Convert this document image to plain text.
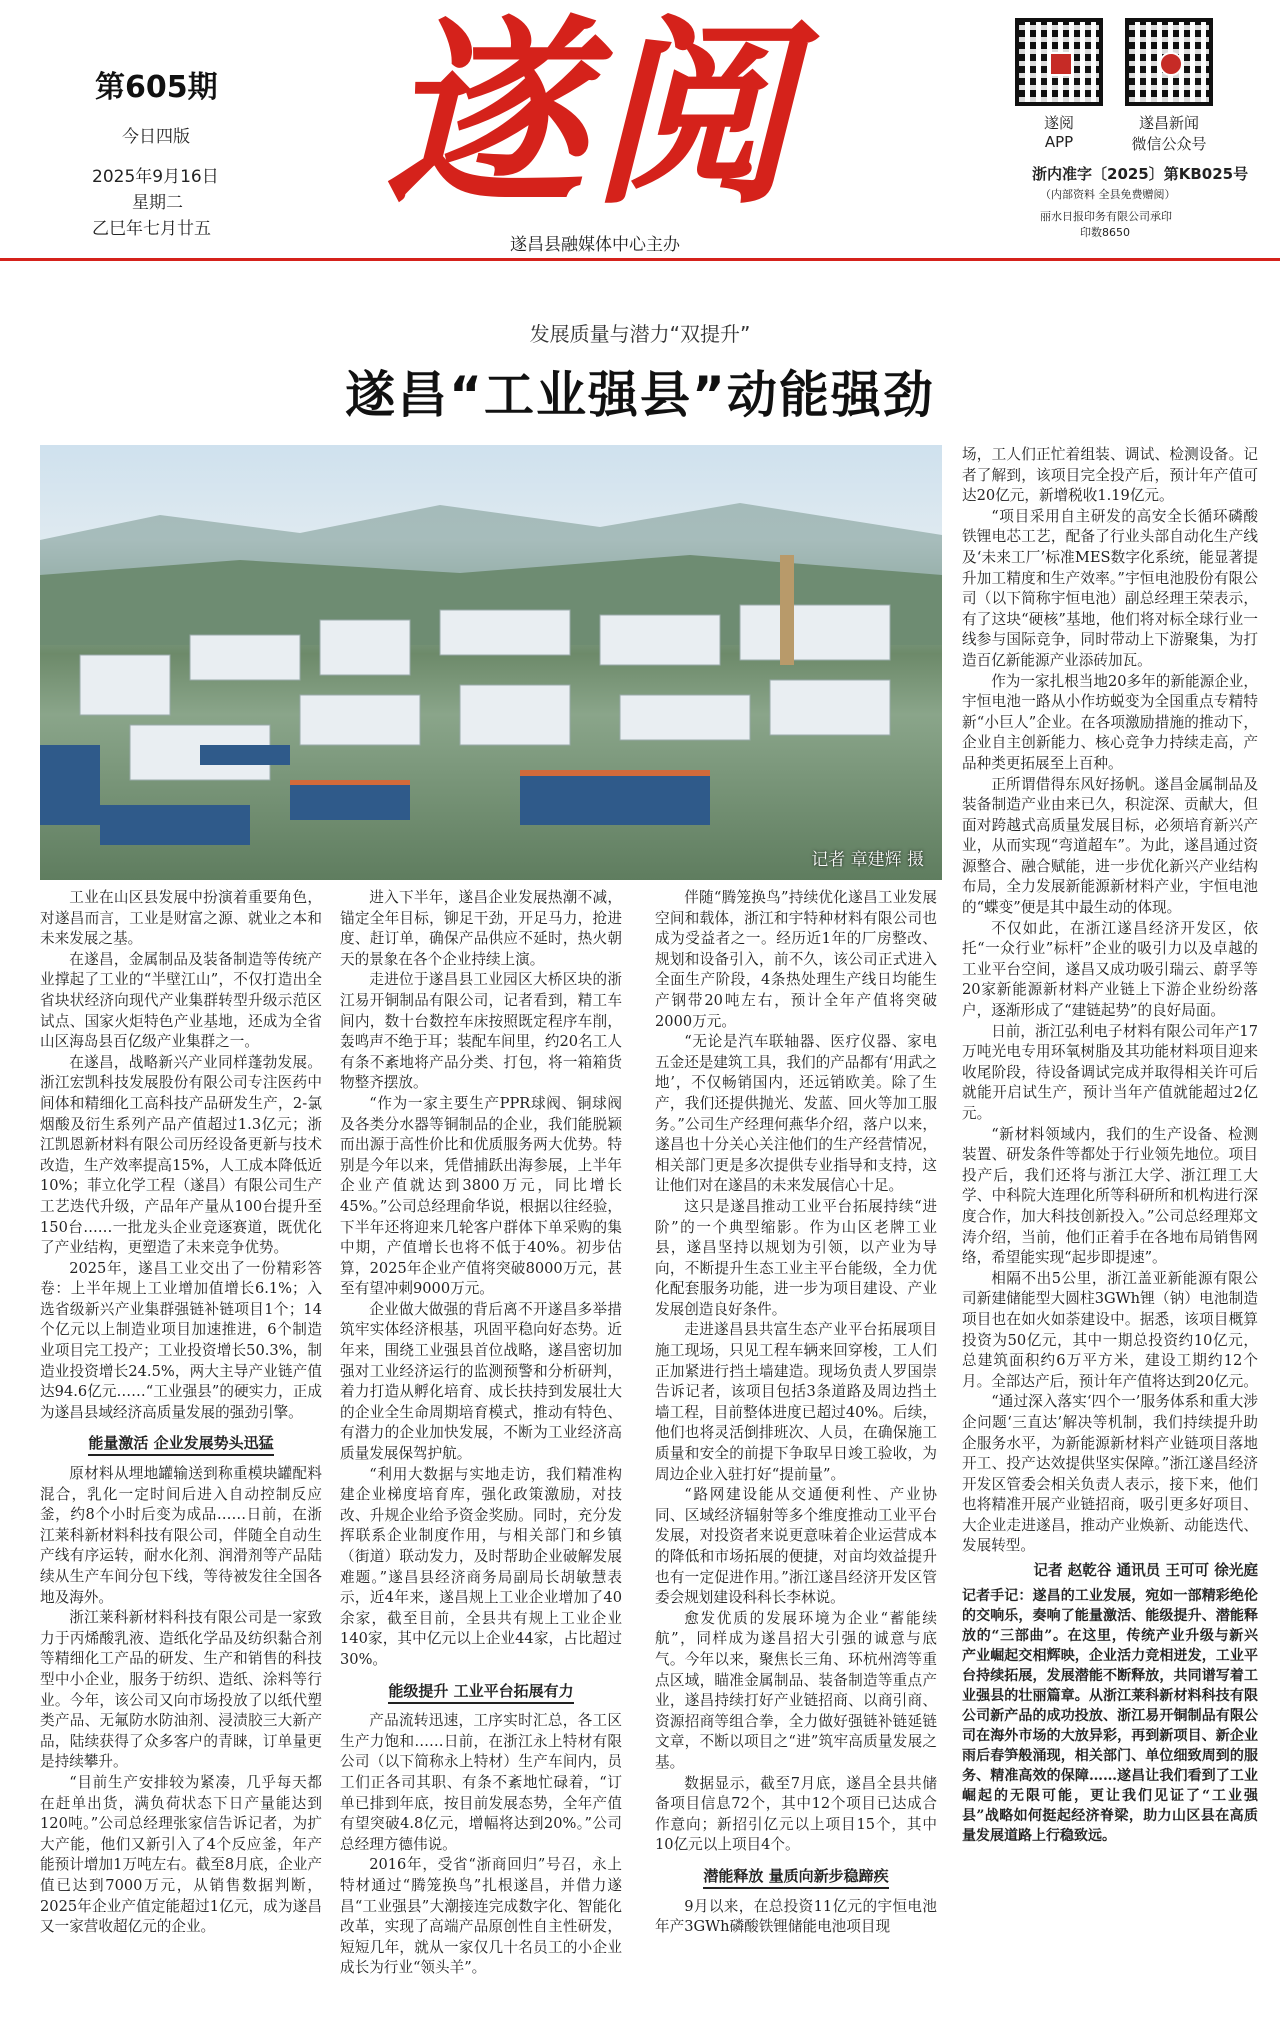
第605期
今日四版
2025年9月16日
星期二
乙巳年七月廿五 遂阅
遂昌县融媒体中心主办
遂阅
APP
遂昌新闻
微信公众号
浙内准字〔2025〕第KB025号
（内部资料 全县免费赠阅）
丽水日报印务有限公司承印
印数8650
发展质量与潜力“双提升”
遂昌“工业强县”动能强劲
记者 章建辉 摄

工业在山区县发展中扮演着重要角色，对遂昌而言，工业是财富之源、就业之本和未来发展之基。

在遂昌，金属制品及装备制造等传统产业撑起了工业的“半壁江山”，不仅打造出全省块状经济向现代产业集群转型升级示范区试点、国家火炬特色产业基地，还成为全省山区海岛县百亿级产业集群之一。

在遂昌，战略新兴产业同样蓬勃发展。浙江宏凯科技发展股份有限公司专注医药中间体和精细化工高科技产品研发生产，2-氯烟酸及衍生系列产品产值超过1.3亿元；浙江凯恩新材料有限公司历经设备更新与技术改造，生产效率提高15%，人工成本降低近10%；菲立化学工程（遂昌）有限公司生产工艺迭代升级，产品年产量从100台提升至150台……一批龙头企业竞逐赛道，既优化了产业结构，更塑造了未来竞争优势。

2025年，遂昌工业交出了一份精彩答卷：上半年规上工业增加值增长6.1%；入选省级新兴产业集群强链补链项目1个；14个亿元以上制造业项目加速推进，6个制造业项目完工投产；工业投资增长50.3%，制造业投资增长24.5%，两大主导产业链产值达94.6亿元……“工业强县”的硬实力，正成为遂昌县域经济高质量发展的强劲引擎。

能量激活 企业发展势头迅猛

原材料从埋地罐输送到称重模块罐配料混合，乳化一定时间后进入自动控制反应釜，约8个小时后变为成品……日前，在浙江莱科新材料科技有限公司，伴随全自动生产线有序运转，耐水化剂、润滑剂等产品陆续从生产车间分包下线，等待被发往全国各地及海外。

浙江莱科新材料科技有限公司是一家致力于丙烯酸乳液、造纸化学品及纺织黏合剂等精细化工产品的研发、生产和销售的科技型中小企业，服务于纺织、造纸、涂料等行业。今年，该公司又向市场投放了以纸代塑类产品、无氟防水防油剂、浸渍胶三大新产品，陆续获得了众多客户的青睐，订单量更是持续攀升。

“目前生产安排较为紧凑，几乎每天都在赶单出货，满负荷状态下日产量能达到120吨。”公司总经理张家信告诉记者，为扩大产能，他们又新引入了4个反应釜，年产能预计增加1万吨左右。截至8月底，企业产值已达到7000万元，从销售数据判断，2025年企业产值定能超过1亿元，成为遂昌又一家营收超亿元的企业。

进入下半年，遂昌企业发展热潮不减，锚定全年目标，铆足干劲，开足马力，抢进度、赶订单，确保产品供应不延时，热火朝天的景象在各个企业持续上演。

走进位于遂昌县工业园区大桥区块的浙江易开铜制品有限公司，记者看到，精工车间内，数十台数控车床按照既定程序车削，轰鸣声不绝于耳；装配车间里，约20名工人有条不紊地将产品分类、打包，将一箱箱货物整齐摆放。

“作为一家主要生产PPR球阀、铜球阀及各类分水器等铜制品的企业，我们能脱颖而出源于高性价比和优质服务两大优势。特别是今年以来，凭借捕跃出海参展，上半年企业产值就达到3800万元，同比增长45%。”公司总经理俞华说，根据以往经验，下半年还将迎来几轮客户群体下单采购的集中期，产值增长也将不低于40%。初步估算，2025年企业产值将突破8000万元，甚至有望冲刺9000万元。

企业做大做强的背后离不开遂昌多举措筑牢实体经济根基，巩固平稳向好态势。近年来，围绕工业强县首位战略，遂昌密切加强对工业经济运行的监测预警和分析研判，着力打造从孵化培育、成长扶持到发展壮大的企业全生命周期培育模式，推动有特色、有潜力的企业加快发展，不断为工业经济高质量发展保驾护航。

“利用大数据与实地走访，我们精准构建企业梯度培育库，强化政策激励，对技改、升规企业给予资金奖励。同时，充分发挥联系企业制度作用，与相关部门和乡镇（街道）联动发力，及时帮助企业破解发展难题。”遂昌县经济商务局副局长胡敏慧表示，近4年来，遂昌规上工业企业增加了40余家，截至目前，全县共有规上工业企业140家，其中亿元以上企业44家，占比超过30%。

能级提升 工业平台拓展有力

产品流转迅速，工序实时汇总，各工区生产力饱和……日前，在浙江永上特材有限公司（以下简称永上特材）生产车间内，员工们正各司其职、有条不紊地忙碌着，“订单已排到年底，按目前发展态势，全年产值有望突破4.8亿元，增幅将达到20%。”公司总经理方德伟说。

2016年，受省“浙商回归”号召，永上特材通过“腾笼换鸟”扎根遂昌，并借力遂昌“工业强县”大潮接连完成数字化、智能化改革，实现了高端产品原创性自主性研发，短短几年，就从一家仅几十名员工的小企业成长为行业“领头羊”。

伴随“腾笼换鸟”持续优化遂昌工业发展空间和载体，浙江和宇特种材料有限公司也成为受益者之一。经历近1年的厂房整改、规划和设备引入，前不久，该公司正式进入全面生产阶段，4条热处理生产线日均能生产钢带20吨左右，预计全年产值将突破2000万元。

“无论是汽车联轴器、医疗仪器、家电五金还是建筑工具，我们的产品都有‘用武之地’，不仅畅销国内，还远销欧美。除了生产，我们还提供抛光、发蓝、回火等加工服务。”公司生产经理何燕华介绍，落户以来，遂昌也十分关心关注他们的生产经营情况，相关部门更是多次提供专业指导和支持，这让他们对在遂昌的未来发展信心十足。

这只是遂昌推动工业平台拓展持续“进阶”的一个典型缩影。作为山区老牌工业县，遂昌坚持以规划为引领，以产业为导向，不断提升生态工业主平台能级，全力优化配套服务功能，进一步为项目建设、产业发展创造良好条件。

走进遂昌县共富生态产业平台拓展项目施工现场，只见工程车辆来回穿梭，工人们正加紧进行挡土墙建造。现场负责人罗国崇告诉记者，该项目包括3条道路及周边挡土墙工程，目前整体进度已超过40%。后续，他们也将灵活倒排班次、人员，在确保施工质量和安全的前提下争取早日竣工验收，为周边企业入驻打好“提前量”。

“路网建设能从交通便利性、产业协同、区域经济辐射等多个维度推动工业平台发展，对投资者来说更意味着企业运营成本的降低和市场拓展的便捷，对亩均效益提升也有一定促进作用。”浙江遂昌经济开发区管委会规划建设科科长李林说。

愈发优质的发展环境为企业“蓄能续航”，同样成为遂昌招大引强的诚意与底气。今年以来，聚焦长三角、环杭州湾等重点区域，瞄准金属制品、装备制造等重点产业，遂昌持续打好产业链招商、以商引商、资源招商等组合拳，全力做好强链补链延链文章，不断以项目之“进”筑牢高质量发展之基。

数据显示，截至7月底，遂昌全县共储备项目信息72个，其中12个项目已达成合作意向；新招引亿元以上项目15个，其中10亿元以上项目4个。

潜能释放 量质向新步稳蹄疾

9月以来，在总投资11亿元的宇恒电池年产3GWh磷酸铁锂储能电池项目现

场，工人们正忙着组装、调试、检测设备。记者了解到，该项目完全投产后，预计年产值可达20亿元，新增税收1.19亿元。

“项目采用自主研发的高安全长循环磷酸铁锂电芯工艺，配备了行业头部自动化生产线及‘未来工厂’标准MES数字化系统，能显著提升加工精度和生产效率。”宇恒电池股份有限公司（以下简称宇恒电池）副总经理王荣表示，有了这块“硬核”基地，他们将对标全球行业一线参与国际竞争，同时带动上下游聚集，为打造百亿新能源产业添砖加瓦。

作为一家扎根当地20多年的新能源企业，宇恒电池一路从小作坊蜕变为全国重点专精特新“小巨人”企业。在各项激励措施的推动下，企业自主创新能力、核心竞争力持续走高，产品种类更拓展至上百种。

正所谓借得东风好扬帆。遂昌金属制品及装备制造产业由来已久，积淀深、贡献大，但面对跨越式高质量发展目标，必须培育新兴产业，从而实现“弯道超车”。为此，遂昌通过资源整合、融合赋能，进一步优化新兴产业结构布局，全力发展新能源新材料产业，宇恒电池的“蝶变”便是其中最生动的体现。

不仅如此，在浙江遂昌经济开发区，依托“一众行业”标杆”企业的吸引力以及卓越的工业平台空间，遂昌又成功吸引瑞云、蔚孚等20家新能源新材料产业链上下游企业纷纷落户，逐渐形成了“建链起势”的良好局面。

日前，浙江弘利电子材料有限公司年产17万吨光电专用环氧树脂及其功能材料项目迎来收尾阶段，待设备调试完成并取得相关许可后就能开启试生产，预计当年产值就能超过2亿元。

“新材料领域内，我们的生产设备、检测装置、研发条件等都处于行业领先地位。项目投产后，我们还将与浙江大学、浙江理工大学、中科院大连理化所等科研所和机构进行深度合作，加大科技创新投入。”公司总经理郑文涛介绍，当前，他们正着手在各地布局销售网络，希望能实现“起步即提速”。

相隔不出5公里，浙江盖亚新能源有限公司新建储能型大圆柱3GWh锂（钠）电池制造项目也在如火如荼建设中。据悉，该项目概算投资为50亿元，其中一期总投资约10亿元，总建筑面积约6万平方米，建设工期约12个月。全部达产后，预计年产值将达到20亿元。

“通过深入落实‘四个一’服务体系和重大涉企问题‘三直达’解决等机制，我们持续提升助企服务水平，为新能源新材料产业链项目落地开工、投产达效提供坚实保障。”浙江遂昌经济开发区管委会相关负责人表示，接下来，他们也将精准开展产业链招商，吸引更多好项目、大企业走进遂昌，推动产业焕新、动能迭代、发展转型。

记者 赵乾谷 通讯员 王可可 徐光庭
记者手记：遂昌的工业发展，宛如一部精彩绝伦的交响乐，奏响了能量激活、能级提升、潜能释放的“三部曲”。在这里，传统产业升级与新兴产业崛起交相辉映，企业活力竞相迸发，工业平台持续拓展，发展潜能不断释放，共同谱写着工业强县的壮丽篇章。从浙江莱科新材料科技有限公司新产品的成功投放、浙江易开铜制品有限公司在海外市场的大放异彩，再到新项目、新企业雨后春笋般涌现，相关部门、单位细致周到的服务、精准高效的保障……遂昌让我们看到了工业崛起的无限可能，更让我们见证了“工业强县”战略如何挺起经济脊梁，助力山区县在高质量发展道路上行稳致远。
